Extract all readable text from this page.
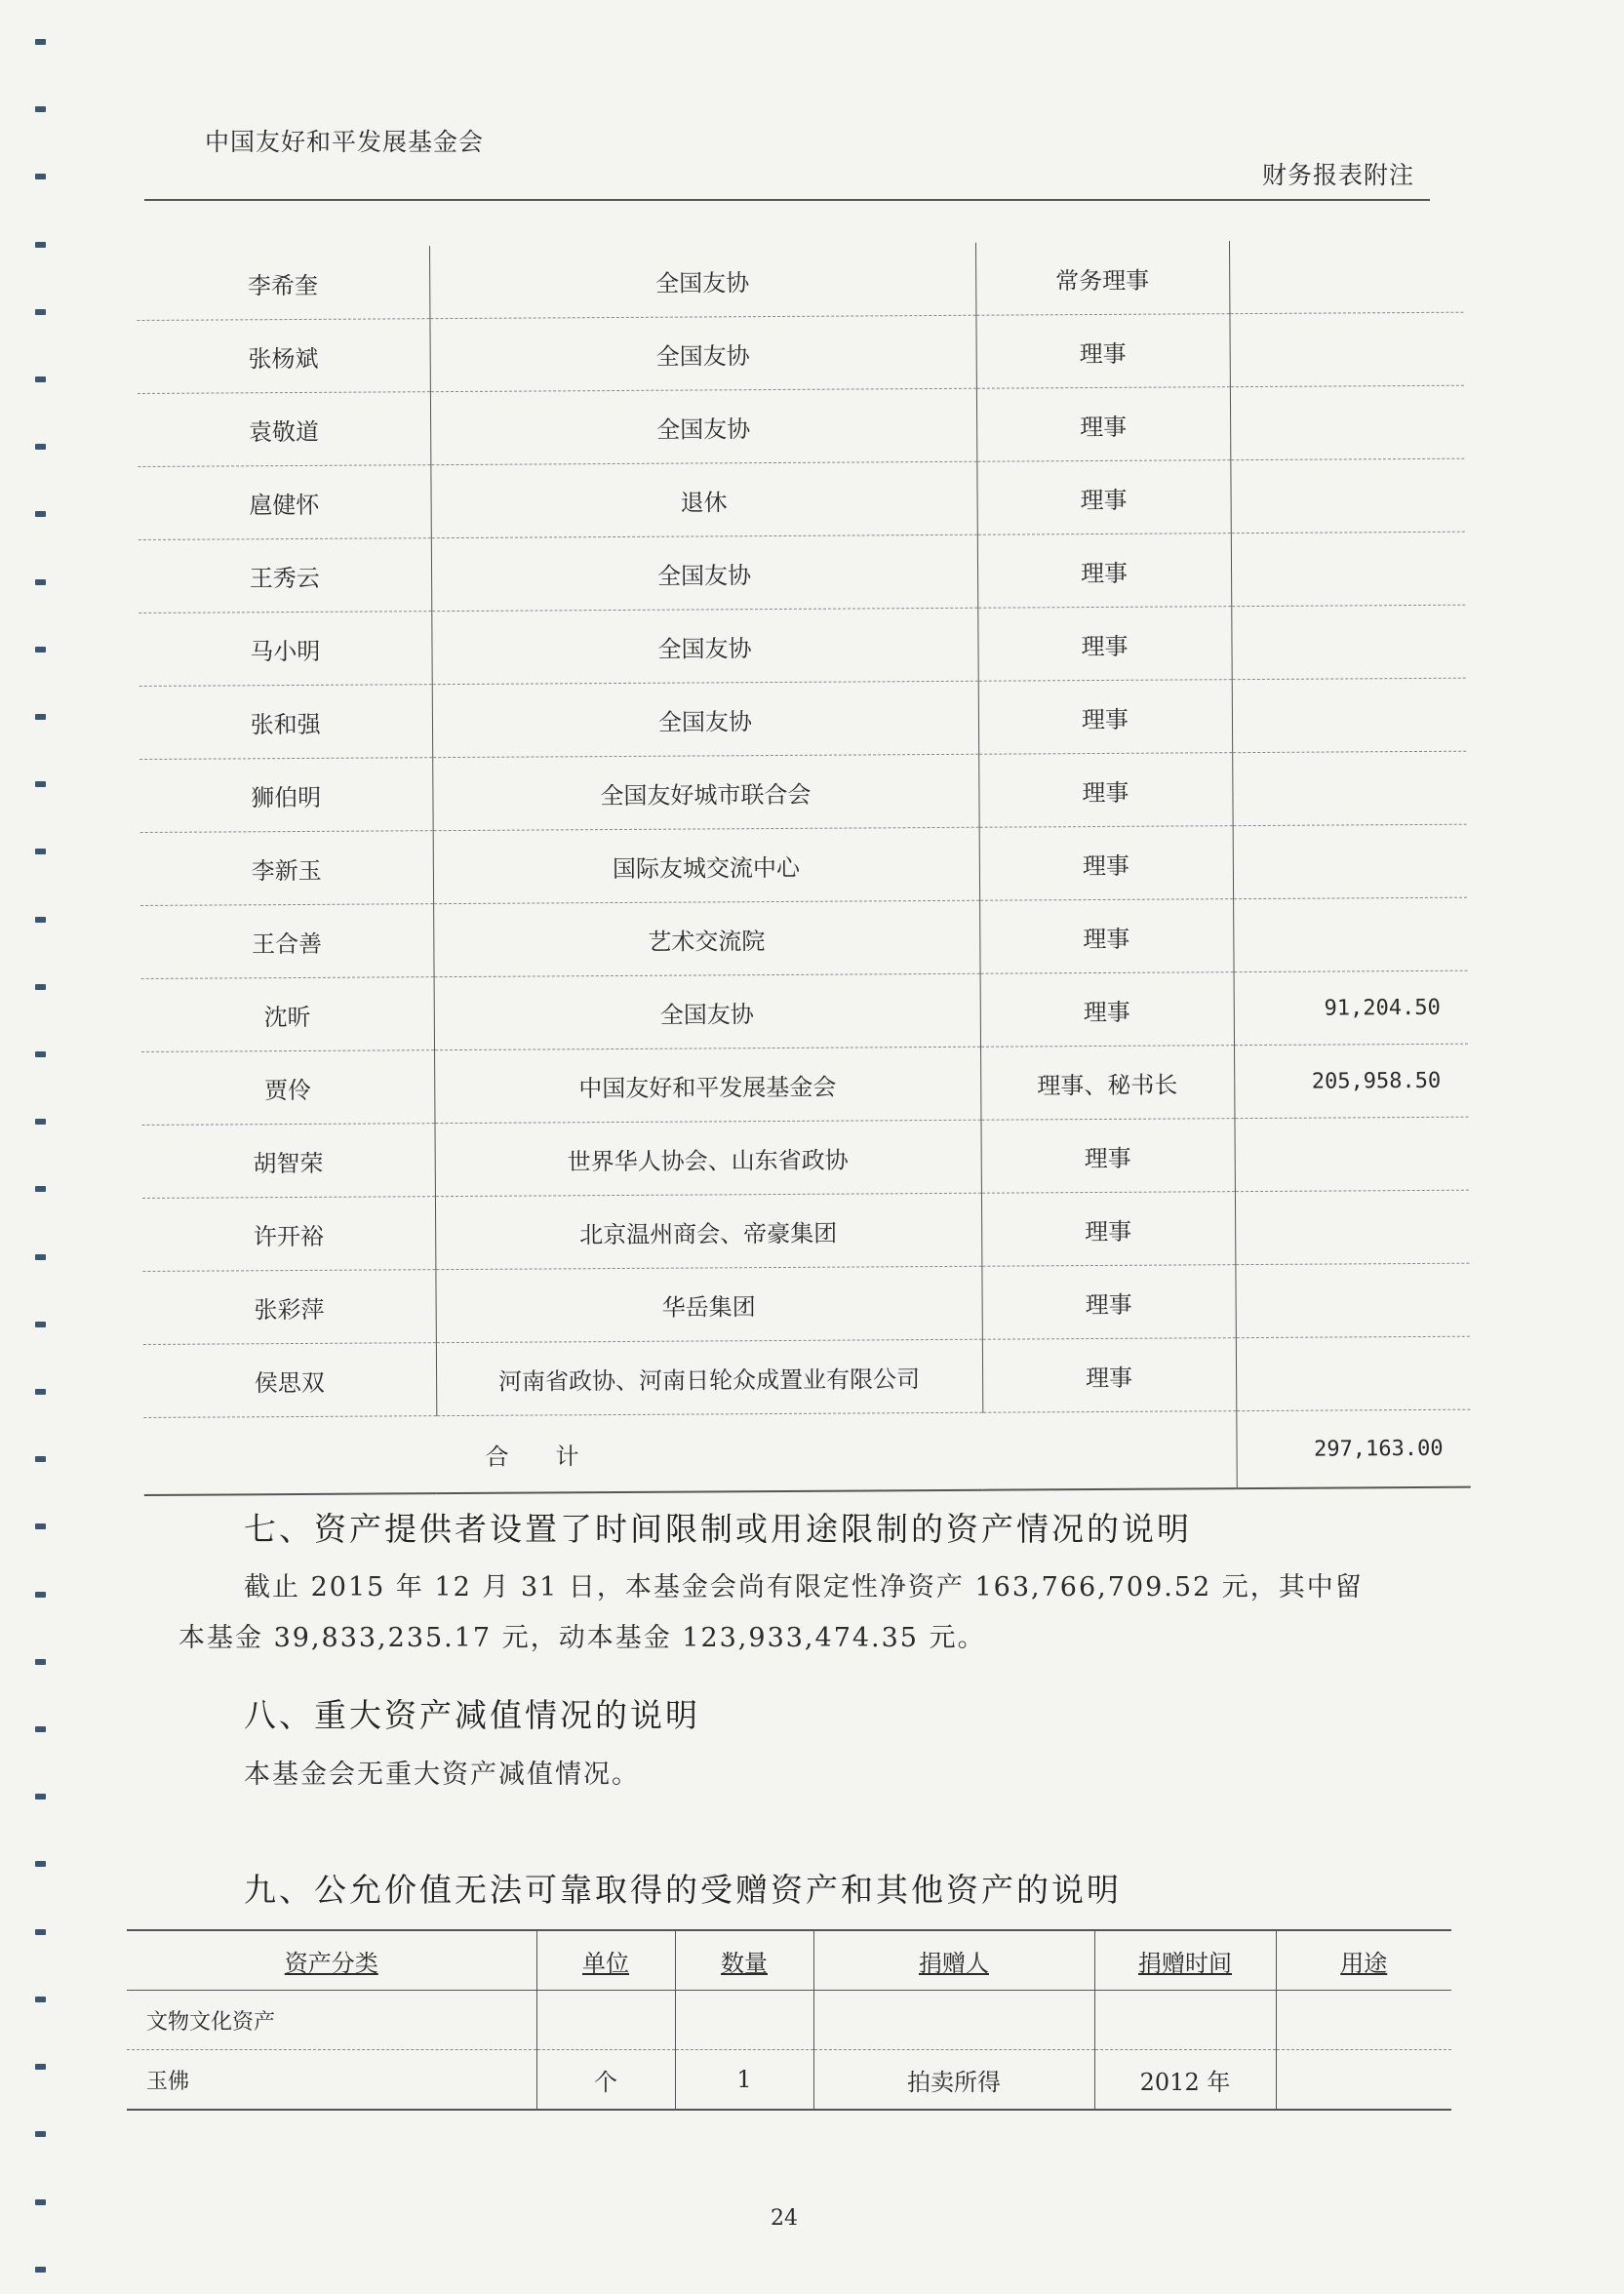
中国友好和平发展基金会
财务报表附注
李希奎	全国友协	常务理事	
张杨斌	全国友协	理事	
袁敬道	全国友协	理事	
扈健怀	退休	理事	
王秀云	全国友协	理事	
马小明	全国友协	理事	
张和强	全国友协	理事	
狮伯明	全国友好城市联合会	理事	
李新玉	国际友城交流中心	理事	
王合善	艺术交流院	理事	
沈昕	全国友协	理事	91,204.50
贾伶	中国友好和平发展基金会	理事、秘书长	205,958.50
胡智荣	世界华人协会、山东省政协	理事	
许开裕	北京温州商会、帝豪集团	理事	
张彩萍	华岳集团	理事	
侯思双	河南省政协、河南日轮众成置业有限公司	理事	
合计			297,163.00
七、资产提供者设置了时间限制或用途限制的资产情况的说明
截止 2015 年 12 月 31 日，本基金会尚有限定性净资产 163,766,709.52 元，其中留
本基金 39,833,235.17 元，动本基金 123,933,474.35 元。
八、重大资产减值情况的说明
本基金会无重大资产减值情况。
九、公允价值无法可靠取得的受赠资产和其他资产的说明
资产分类	单位	数量	捐赠人	捐赠时间	用途
文物文化资产					
玉佛	个	1	拍卖所得	2012 年	
24
